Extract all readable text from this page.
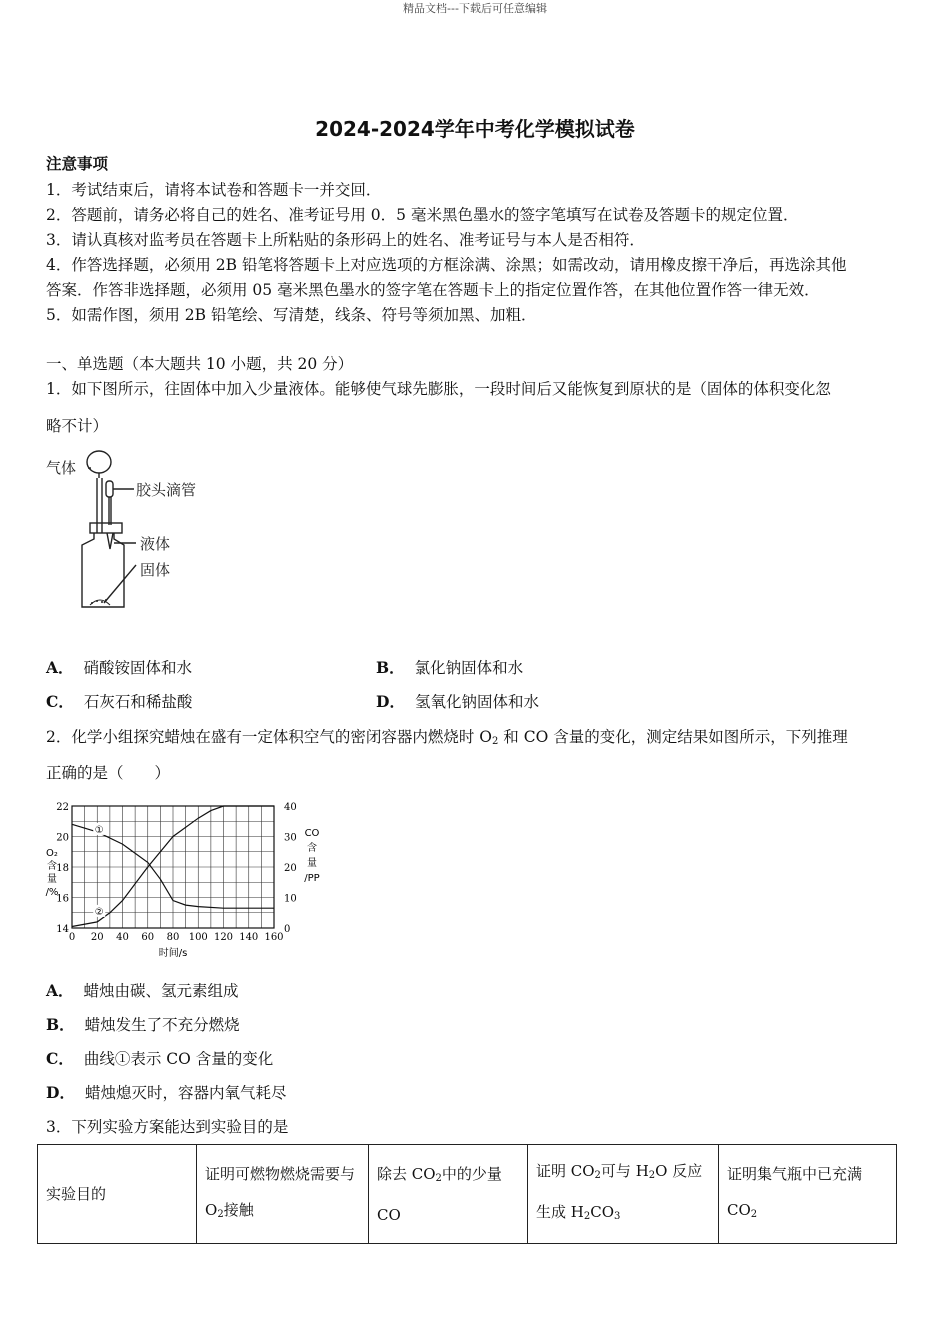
精品文档---下载后可任意编辑
2024-2024学年中考化学模拟试卷
注意事项
1．考试结束后，请将本试卷和答题卡一并交回．
2．答题前，请务必将自己的姓名、准考证号用 0．5 毫米黑色墨水的签字笔填写在试卷及答题卡的规定位置．
3．请认真核对监考员在答题卡上所粘贴的条形码上的姓名、准考证号与本人是否相符．
4．作答选择题，必须用 2B 铅笔将答题卡上对应选项的方框涂满、涂黑；如需改动，请用橡皮擦干净后，再选涂其他
答案．作答非选择题，必须用 05 毫米黑色墨水的签字笔在答题卡上的指定位置作答，在其他位置作答一律无效．
5．如需作图，须用 2B 铅笔绘、写清楚，线条、符号等须加黑、加粗．
一、单选题（本大题共 10 小题，共 20 分）
1．如下图所示，往固体中加入少量液体。能够使气球先膨胀，一段时间后又能恢复到原状的是（固体的体积变化忽
略不计）
气体
胶头滴管
液体
固体
A． 硝酸铵固体和水	B． 氯化钠固体和水
C． 石灰石和稀盐酸	D． 氢氧化钠固体和水
2．化学小组探究蜡烛在盛有一定体积空气的密闭容器内燃烧时 $O_2$ 和 CO 含量的变化，测定结果如图所示，下列推理
正确的是（　　）
0 20 40 60 80 100 120 140 160
14
16
18
20
22
0
10
20
30
40
O₂
含
量
/%
CO
含
量
/PP
时间/s
①
②
A． 蜡烛由碳、氢元素组成
B． 蜡烛发生了不充分燃烧
C． 曲线①表示 CO 含量的变化
D． 蜡烛熄灭时，容器内氧气耗尽
3．下列实验方案能达到实验目的是
实验目的	证明可燃物燃烧需要与 $O_2$接触	除去 $CO_2$中的少量 CO	证明 $CO_2$可与 $H_2O$ 反应生成 $H_2CO_3$	证明集气瓶中已充满 $CO_2$
